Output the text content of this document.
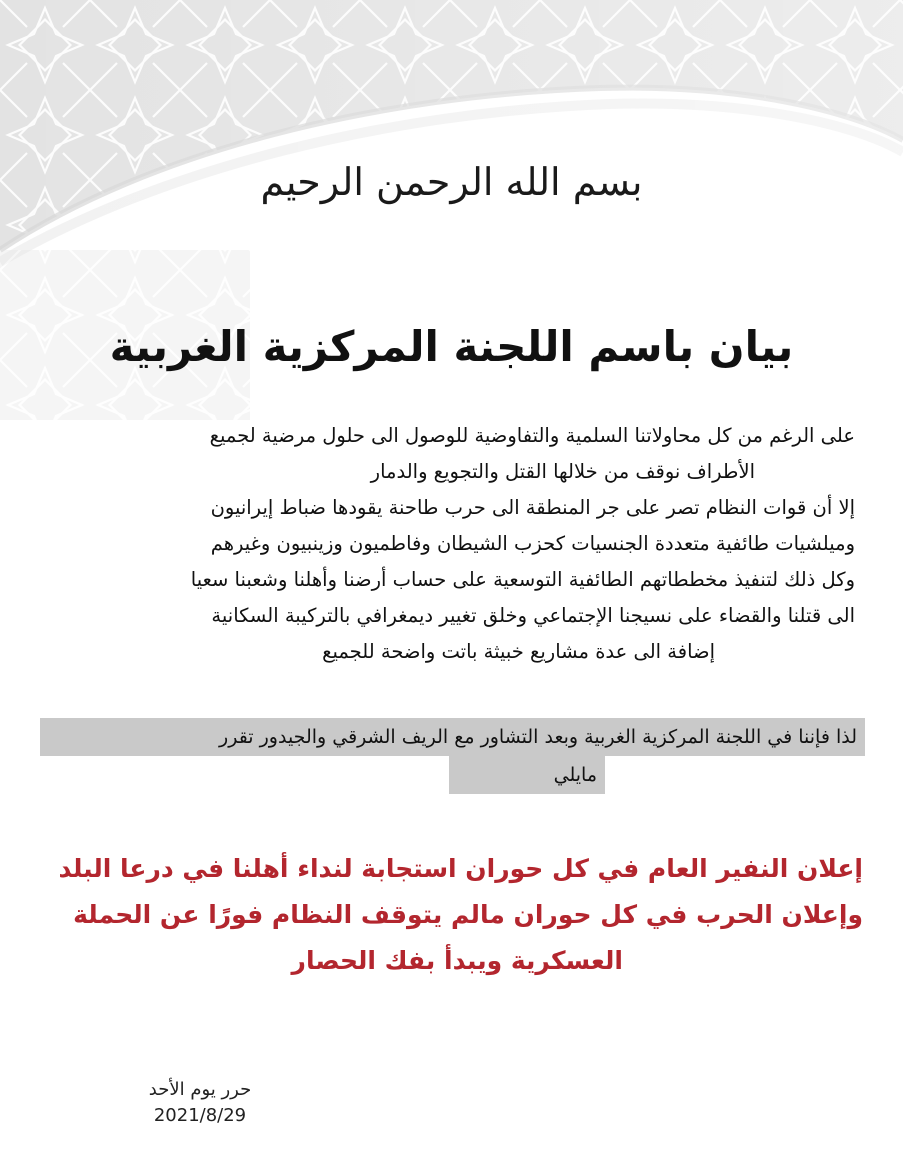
بسم الله الرحمن الرحيم
بيان باسم اللجنة المركزية الغربية

على الرغم من كل محاولاتنا السلمية والتفاوضية للوصول الى حلول مرضية لجميع

الأطراف نوقف من خلالها القتل والتجويع والدمار

إلا أن قوات النظام تصر على جر المنطقة الى حرب طاحنة يقودها ضباط إيرانيون

وميلشيات طائفية متعددة الجنسيات كحزب الشيطان وفاطميون وزينبيون وغيرهم

وكل ذلك لتنفيذ مخططاتهم الطائفية التوسعية على حساب أرضنا وأهلنا وشعبنا سعيا

الى قتلنا والقضاء على نسيجنا الإجتماعي وخلق تغيير ديمغرافي بالتركيبة السكانية

إضافة الى عدة مشاريع خبيثة باتت واضحة للجميع

لذا فإننا في اللجنة المركزية الغربية وبعد التشاور مع الريف الشرقي والجيدور تقرر
مايلي

إعلان النفير العام في كل حوران استجابة لنداء أهلنا في درعا البلد

وإعلان الحرب في كل حوران مالم يتوقف النظام فورًا عن الحملة

العسكرية ويبدأ بفك الحصار

حرر يوم الأحد
2021/8/29
